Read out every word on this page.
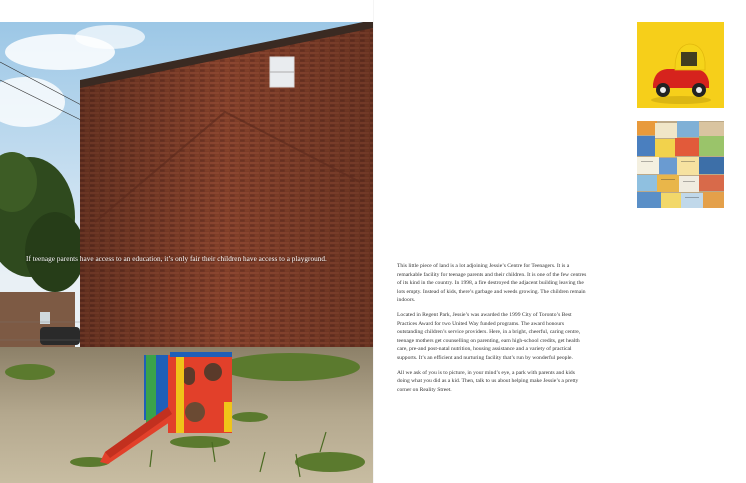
If teenage parents have access to an education, it’s only fair their children have access to a playground.

This little piece of land is a lot adjoining Jessie’s Centre for Teenagers. It is a remarkable facility for teenage parents and their children. It is one of the few centres of its kind in the country. In 1998, a fire destroyed the adjacent building leaving the lots empty. Instead of kids, there’s garbage and weeds growing. The children remain indoors.

Located in Regent Park, Jessie’s was awarded the 1999 City of Toronto’s Best Practices Award for two United Way funded programs. The award honours outstanding children’s service providers. Here, in a bright, cheerful, caring centre, teenage mothers get counselling on parenting, earn high-school credits, get health care, pre-and post-natal nutrition, housing assistance and a variety of practical supports. It’s an efficient and nurturing facility that’s run by wonderful people.

All we ask of you is to picture, in your mind’s eye, a park with parents and kids doing what you did as a kid. Then, talk to us about helping make Jessie’s a pretty corner on Reality Street.
